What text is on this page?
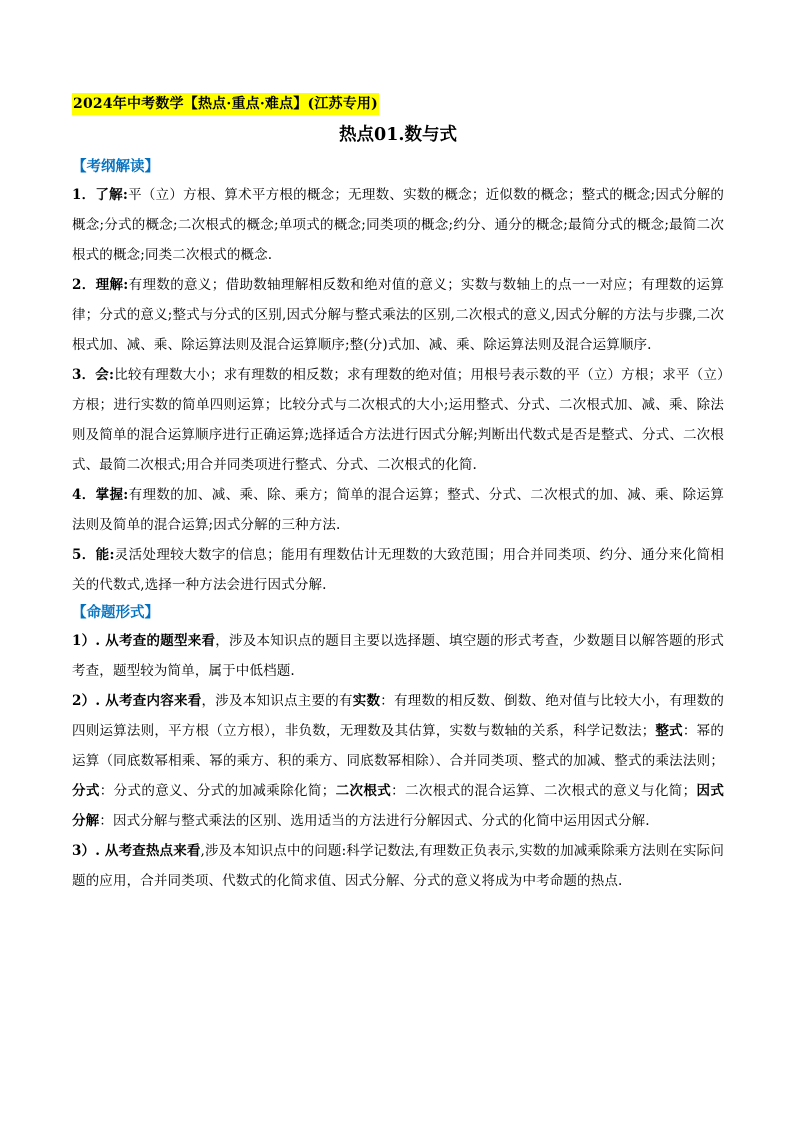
2024年中考数学【热点·重点·难点】(江苏专用)
热点01.数与式
【考纲解读】

1．了解:平（立）方根、算术平方根的概念；无理数、实数的概念；近似数的概念；整式的概念;因式分解的概念;分式的概念;二次根式的概念;单项式的概念;同类项的概念;约分、通分的概念;最简分式的概念;最简二次根式的概念;同类二次根式的概念.

2．理解:有理数的意义；借助数轴理解相反数和绝对值的意义；实数与数轴上的点一一对应；有理数的运算律；分式的意义;整式与分式的区别,因式分解与整式乘法的区别,二次根式的意义,因式分解的方法与步骤,二次根式加、减、乘、除运算法则及混合运算顺序;整(分)式加、减、乘、除运算法则及混合运算顺序.

3．会:比较有理数大小；求有理数的相反数；求有理数的绝对值；用根号表示数的平（立）方根；求平（立）方根；进行实数的简单四则运算；比较分式与二次根式的大小;运用整式、分式、二次根式加、减、乘、除法则及简单的混合运算顺序进行正确运算;选择适合方法进行因式分解;判断出代数式是否是整式、分式、二次根式、最简二次根式;用合并同类项进行整式、分式、二次根式的化简.

4．掌握:有理数的加、减、乘、除、乘方；简单的混合运算；整式、分式、二次根式的加、减、乘、除运算法则及简单的混合运算;因式分解的三种方法.

5．能:灵活处理较大数字的信息；能用有理数估计无理数的大致范围；用合并同类项、约分、通分来化简相关的代数式,选择一种方法会进行因式分解.

【命题形式】

1）. 从考查的题型来看，涉及本知识点的题目主要以选择题、填空题的形式考查，少数题目以解答题的形式考查，题型较为简单，属于中低档题.

2）. 从考查内容来看，涉及本知识点主要的有实数：有理数的相反数、倒数、绝对值与比较大小，有理数的四则运算法则，平方根（立方根），非负数，无理数及其估算，实数与数轴的关系，科学记数法；整式：幂的运算（同底数幂相乘、幂的乘方、积的乘方、同底数幂相除）、合并同类项、整式的加减、整式的乘法法则；分式：分式的意义、分式的加减乘除化简；二次根式：二次根式的混合运算、二次根式的意义与化简；因式分解：因式分解与整式乘法的区别、选用适当的方法进行分解因式、分式的化简中运用因式分解.

3）. 从考查热点来看,涉及本知识点中的问题:科学记数法,有理数正负表示,实数的加减乘除乘方法则在实际问题的应用，合并同类项、代数式的化简求值、因式分解、分式的意义将成为中考命题的热点.
